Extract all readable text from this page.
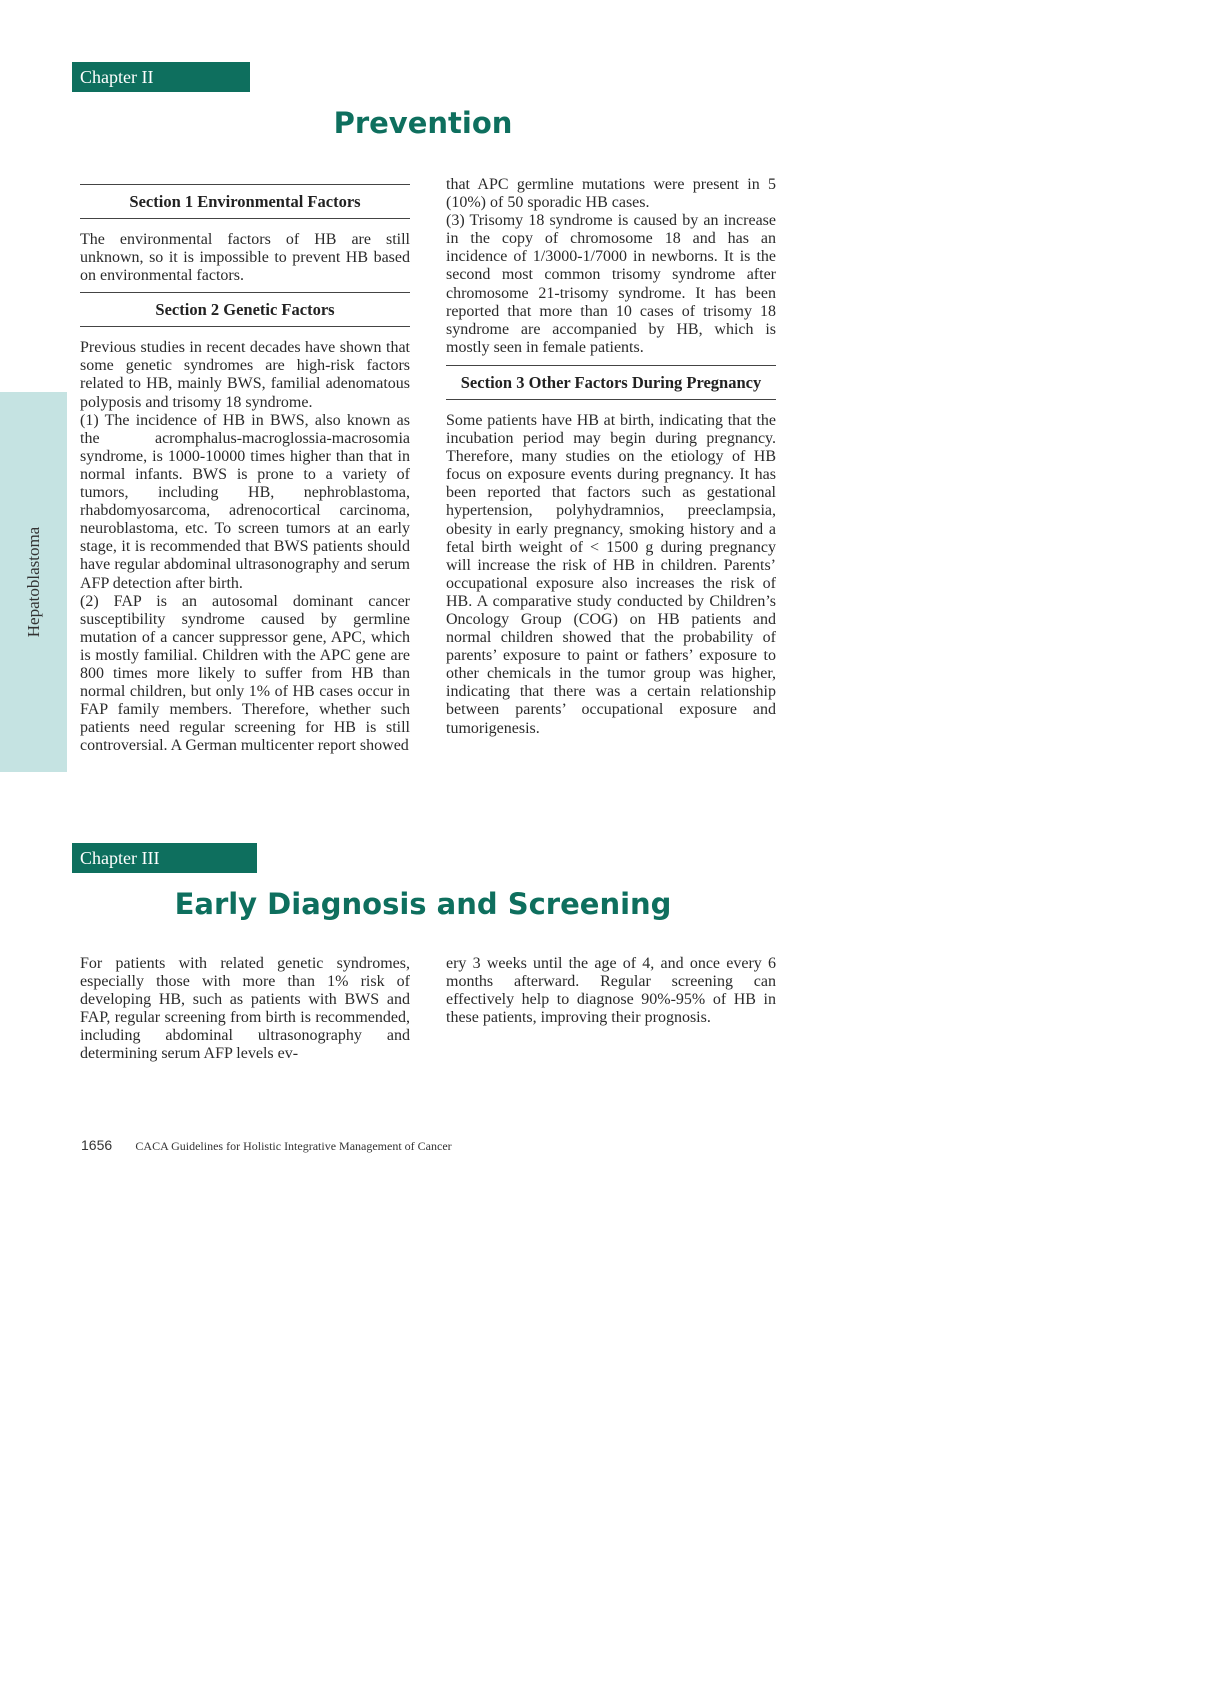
Chapter II
Prevention
Hepatoblastoma
Section 1 Environmental Factors

The environmental factors of HB are still unknown, so it is impossible to prevent HB based on environmental factors.

Section 2 Genetic Factors

Previous studies in recent decades have shown that some genetic syndromes are high-risk factors related to HB, mainly BWS, familial adenomatous polyposis and trisomy 18 syndrome.

(1) The incidence of HB in BWS, also known as the acromphalus-macroglossia-macrosomia syndrome, is 1000-10000 times higher than that in normal infants. BWS is prone to a variety of tumors, including HB, nephroblastoma, rhabdomyosarcoma, adrenocortical carcinoma, neuroblastoma, etc. To screen tumors at an early stage, it is recommended that BWS patients should have regular abdominal ultrasonography and serum AFP detection after birth.

(2) FAP is an autosomal dominant cancer susceptibility syndrome caused by germline mutation of a cancer suppressor gene, APC, which is mostly familial. Children with the APC gene are 800 times more likely to suffer from HB than normal children, but only 1% of HB cases occur in FAP family members. Therefore, whether such patients need regular screening for HB is still controversial. A German multicenter report showed

that APC germline mutations were present in 5 (10%) of 50 sporadic HB cases.

(3) Trisomy 18 syndrome is caused by an increase in the copy of chromosome 18 and has an incidence of 1/3000-1/7000 in newborns. It is the second most common trisomy syndrome after chromosome 21-trisomy syndrome. It has been reported that more than 10 cases of trisomy 18 syndrome are accompanied by HB, which is mostly seen in female patients.

Section 3 Other Factors During Pregnancy

Some patients have HB at birth, indicating that the incubation period may begin during pregnancy. Therefore, many studies on the etiology of HB focus on exposure events during pregnancy. It has been reported that factors such as gestational hypertension, polyhydramnios, preeclampsia, obesity in early pregnancy, smoking history and a fetal birth weight of < 1500 g during pregnancy will increase the risk of HB in children. Parents’ occupational exposure also increases the risk of HB. A comparative study conducted by Children’s Oncology Group (COG) on HB patients and normal children showed that the probability of parents’ exposure to paint or fathers’ exposure to other chemicals in the tumor group was higher, indicating that there was a certain relationship between parents’ occupational exposure and tumorigenesis.

Chapter III
Early Diagnosis and Screening

For patients with related genetic syndromes, especially those with more than 1% risk of developing HB, such as patients with BWS and FAP, regular screening from birth is recommended, including abdominal ultrasonography and determining serum AFP levels ev-

ery 3 weeks until the age of 4, and once every 6 months afterward. Regular screening can effectively help to diagnose 90%-95% of HB in these patients, improving their prognosis.

1656 CACA Guidelines for Holistic Integrative Management of Cancer
